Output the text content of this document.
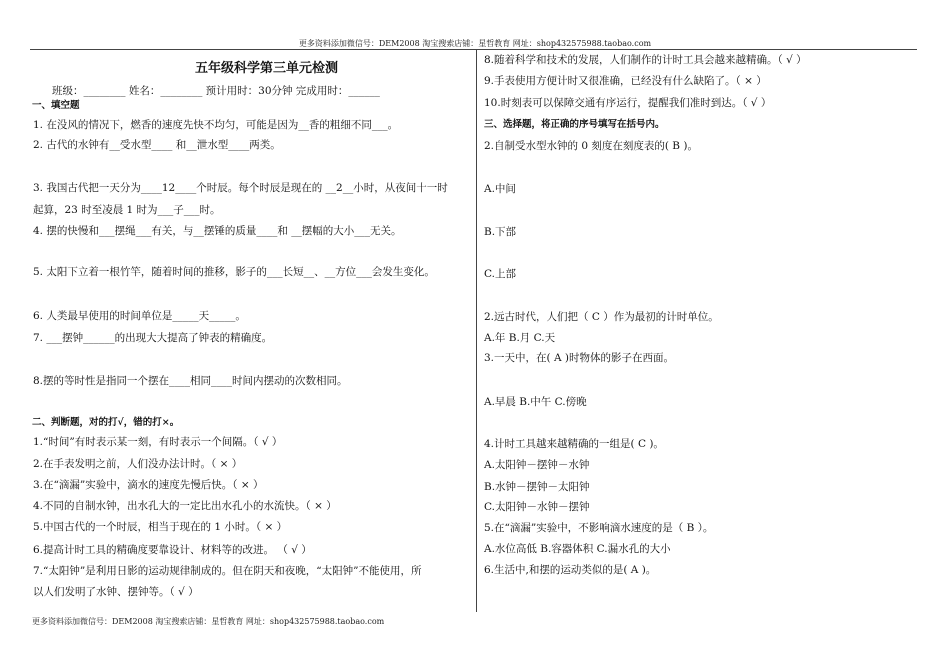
更多资料添加微信号：DEM2008 淘宝搜索店铺：星哲教育 网址：shop432575988.taobao.com
五年级科学第三单元检测
班级：________ 姓名：________ 预计用时：30分钟 完成用时：______
一、填空题
1. 在没风的情况下，燃香的速度先快不均匀，可能是因为__香的粗细不同___。
2. 古代的水钟有__受水型____ 和__泄水型____两类。
3. 我国古代把一天分为____12____个时辰。每个时辰是现在的 __2__小时，从夜间十一时
起算，23 时至凌晨 1 时为___子___时。
4. 摆的快慢和___摆绳___有关，与__摆锤的质量____和 __摆幅的大小___无关。
5. 太阳下立着一根竹竿，随着时间的推移，影子的___长短__、__方位___会发生变化。
6. 人类最早使用的时间单位是_____天_____。
7. ___摆钟______的出现大大提高了钟表的精确度。
8.摆的等时性是指同一个摆在____相同____时间内摆动的次数相同。
二、判断题，对的打√，错的打×。
1.“时间”有时表示某一刻，有时表示一个间隔。（ √ ）
2.在手表发明之前，人们没办法计时。（ × ）
3.在“滴漏”实验中，滴水的速度先慢后快。（ × ）
4.不同的自制水钟，出水孔大的一定比出水孔小的水流快。（ × ）
5.中国古代的一个时辰，相当于现在的 1 小时。（ × ）
6.提高计时工具的精确度要靠设计、材料等的改进。 （ √ ）
7.“太阳钟”是利用日影的运动规律制成的。但在阴天和夜晚，“太阳钟”不能使用，所
以人们发明了水钟、摆钟等。（ √ ）
8.随着科学和技术的发展，人们制作的计时工具会越来越精确。（ √ ）
9.手表使用方便计时又很准确，已经没有什么缺陷了。（ × ）
10.时刻表可以保障交通有序运行，提醒我们准时到达。（ √ ）
三、选择题，将正确的序号填写在括号内。
2.自制受水型水钟的 0 刻度在刻度表的( B )。
A.中间
B.下部
C.上部
2.远古时代，人们把（ C ）作为最初的计时单位。
A.年 B.月 C.天
3.一天中，在( A )时物体的影子在西面。
A.早晨 B.中午 C.傍晚
4.计时工具越来越精确的一组是( C )。
A.太阳钟－摆钟－水钟
B.水钟－摆钟－太阳钟
C.太阳钟－水钟－摆钟
5.在“滴漏”实验中，不影响滴水速度的是（ B ）。
A.水位高低 B.容器体积 C.漏水孔的大小
6.生活中,和摆的运动类似的是( A )。
更多资料添加微信号：DEM2008 淘宝搜索店铺：星哲教育 网址：shop432575988.taobao.com
